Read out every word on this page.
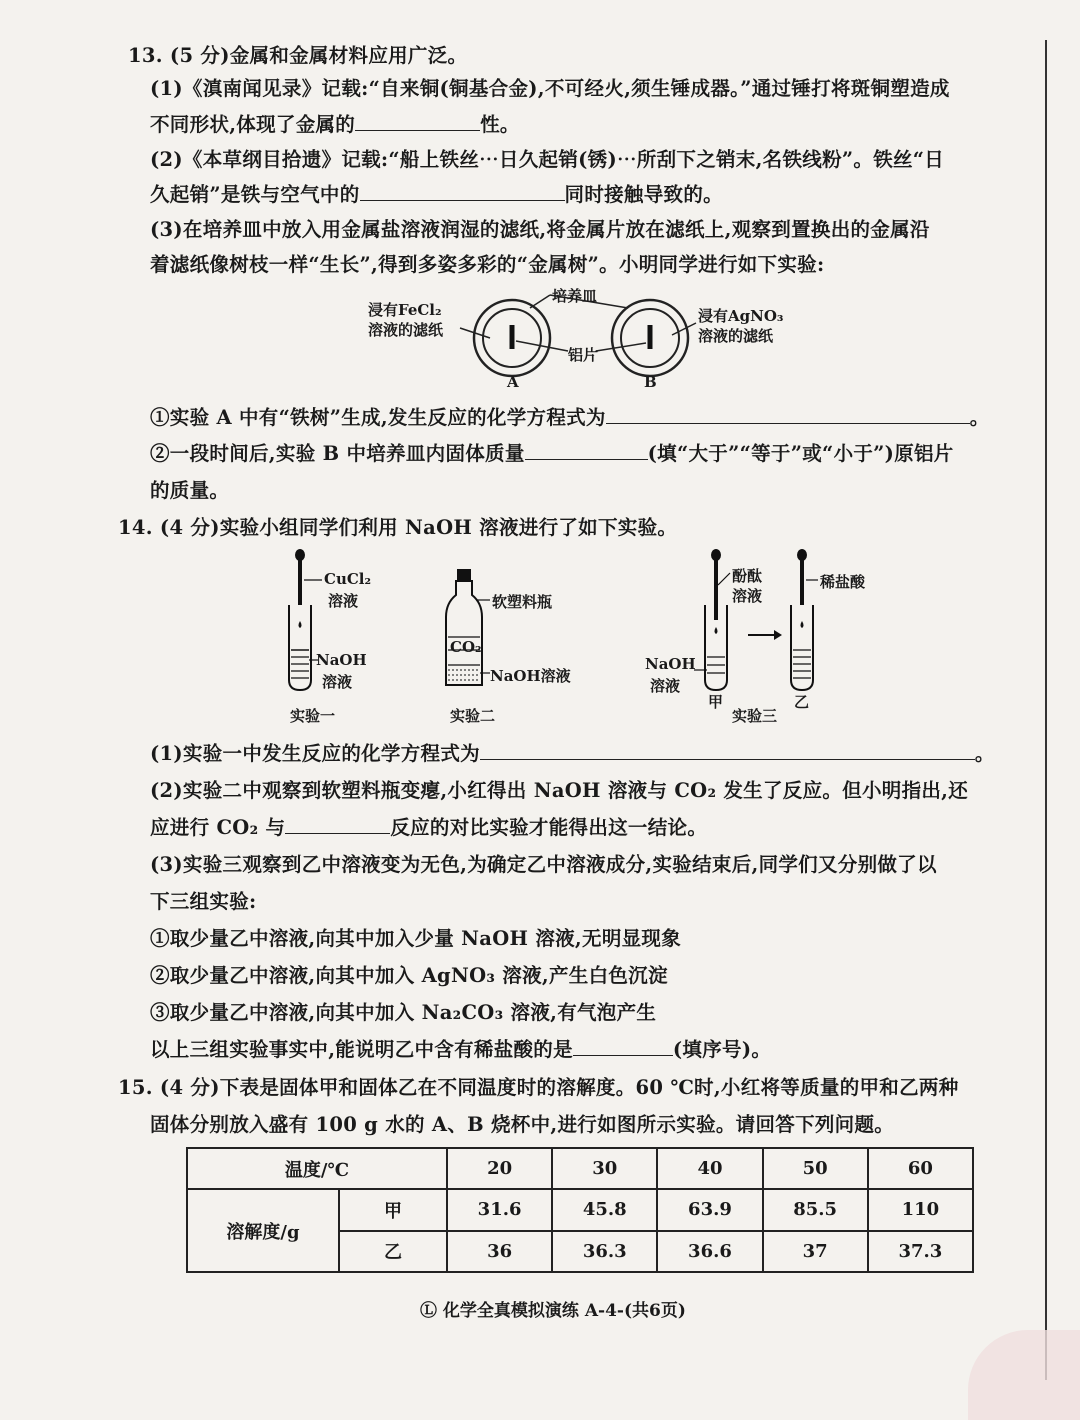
13. (5 分)金属和金属材料应用广泛。
(1)《滇南闻见录》记载:“自来铜(铜基合金),不可经火,须生锤成器。”通过锤打将斑铜塑造成
不同形状,体现了金属的	性。
(2)《本草纲目拾遗》记载:“船上铁丝⋯日久起销(锈)⋯所刮下之销末,名铁线粉”。铁丝“日
久起销”是铁与空气中的	同时接触导致的。
(3)在培养皿中放入用金属盐溶液润湿的滤纸,将金属片放在滤纸上,观察到置换出的金属沿
着滤纸像树枝一样“生长”,得到多姿多彩的“金属树”。小明同学进行如下实验:
浸有FeCl₂
溶液的滤纸
培养皿
铝片
浸有AgNO₃
溶液的滤纸
A	B
①实验 A 中有“铁树”生成,发生反应的化学方程式为	。
②一段时间后,实验 B 中培养皿内固体质量	(填“大于”“等于”或“小于”)原铝片
的质量。
14. (4 分)实验小组同学们利用 NaOH 溶液进行了如下实验。
CuCl₂
溶液
NaOH
溶液
实验一
软塑料瓶
CO₂
NaOH溶液
实验二
酚酞
溶液
稀盐酸
NaOH
溶液
甲	乙
实验三
(1)实验一中发生反应的化学方程式为	。
(2)实验二中观察到软塑料瓶变瘪,小红得出 NaOH 溶液与 CO₂ 发生了反应。但小明指出,还
应进行 CO₂ 与	反应的对比实验才能得出这一结论。
(3)实验三观察到乙中溶液变为无色,为确定乙中溶液成分,实验结束后,同学们又分别做了以
下三组实验:
①取少量乙中溶液,向其中加入少量 NaOH 溶液,无明显现象
②取少量乙中溶液,向其中加入 AgNO₃ 溶液,产生白色沉淀
③取少量乙中溶液,向其中加入 Na₂CO₃ 溶液,有气泡产生
以上三组实验事实中,能说明乙中含有稀盐酸的是	(填序号)。
15. (4 分)下表是固体甲和固体乙在不同温度时的溶解度。60 ℃时,小红将等质量的甲和乙两种
固体分别放入盛有 100 g 水的 A、B 烧杯中,进行如图所示实验。请回答下列问题。
温度/℃		20	30	40	50	60
溶解度/g	甲	31.6	45.8	63.9	85.5	110
	乙	36	36.3	36.6	37	37.3
Ⓛ 化学全真模拟演练 A-4-(共6页)
